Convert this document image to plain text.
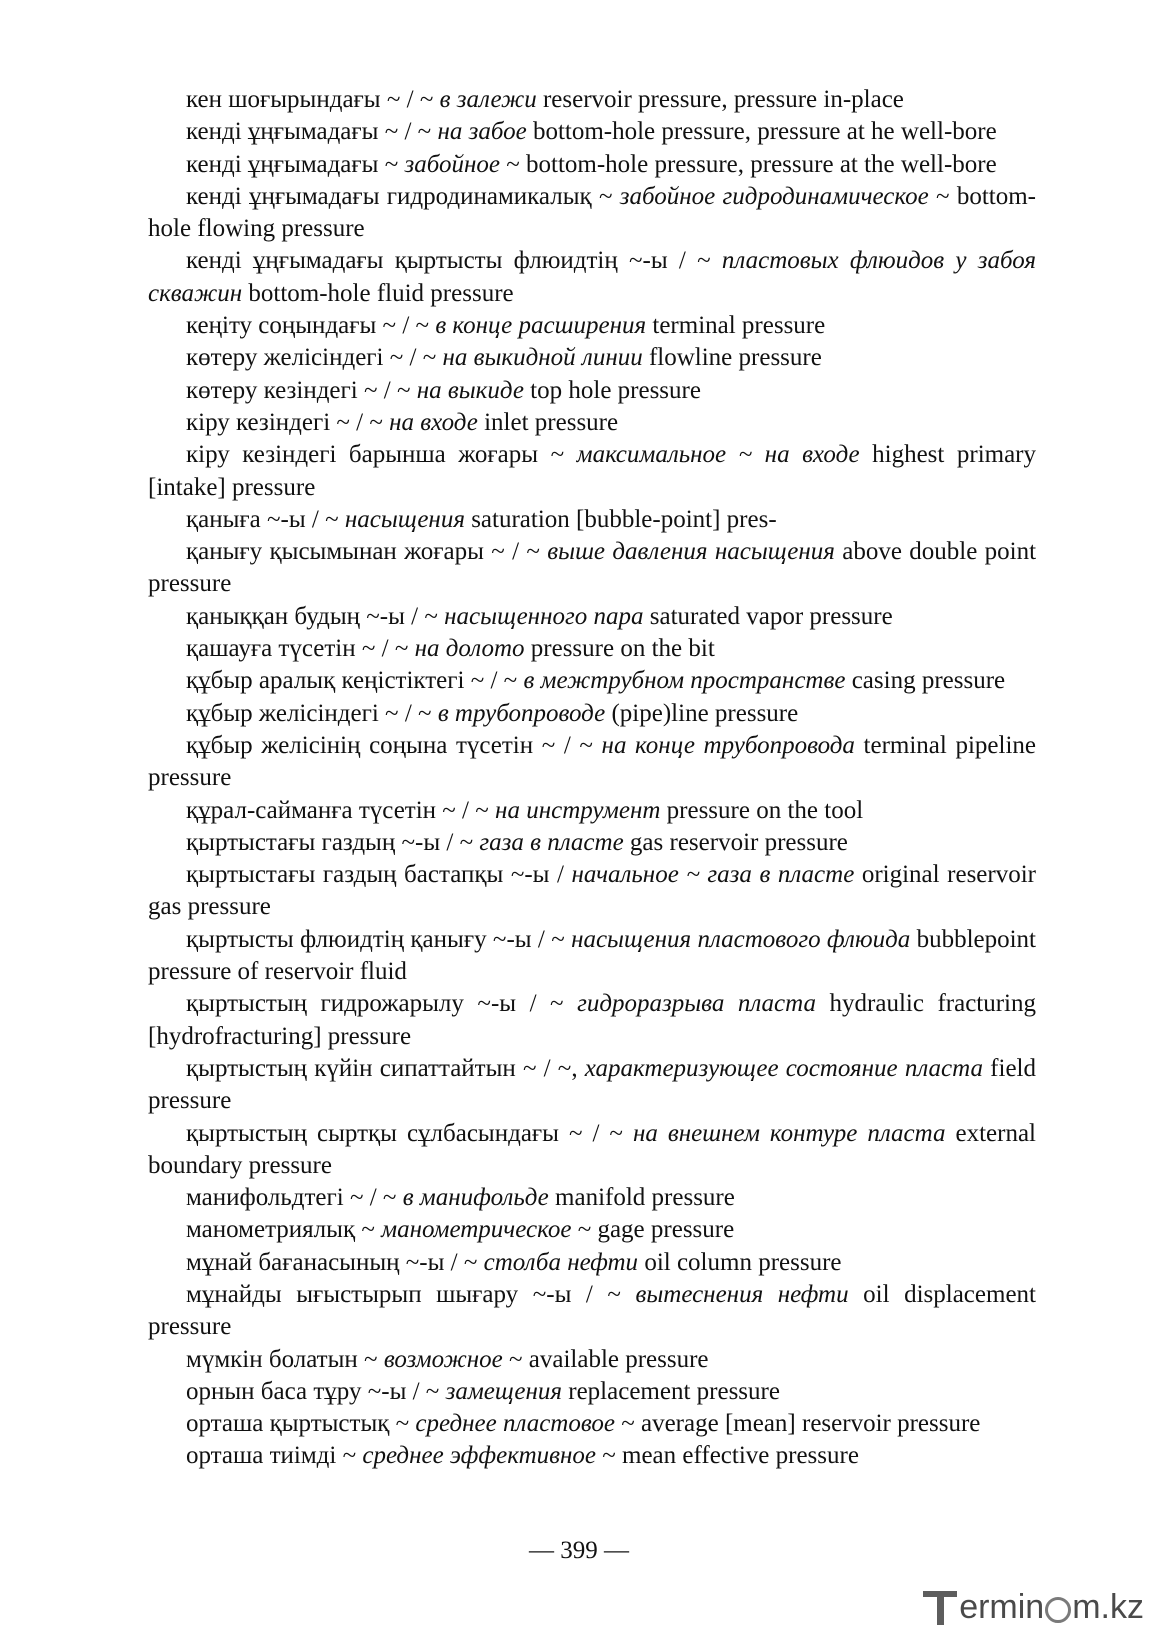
кен шоғырындағы ~ / ~ в залежи reservoir pressure, pressure in-place

кенді ұңғымадағы ~ / ~ на забое bottom-hole pressure, pressure at he well-bore

кенді ұңғымадағы ~ забойное ~ bottom-hole pressure, pressure at the well-bore

кенді ұңғымадағы гидродинамикалық ~ забойное гидродинамическое ~ bottom-hole flowing pressure

кенді ұңғымадағы қыртысты флюидтің ~-ы / ~ пластовых флюидов у забоя скважин bottom-hole fluid pressure

кеңіту соңындағы ~ / ~ в конце расширения terminal pressure

көтеру желісіндегі ~ / ~ на выкидной линии flowline pressure

көтеру кезіндегі ~ / ~ на выкиде top hole pressure

кіру кезіндегі ~ / ~ на входе inlet pressure

кіру кезіндегі барынша жоғары ~ максимальное ~ на входе highest primary [intake] pressure

қаныға ~-ы / ~ насыщения saturation [bubble-point] pres-

қанығу қысымынан жоғары ~ / ~ выше давления насыщения above double point pressure

қаныққан будың ~-ы / ~ насыщенного пара saturated vapor pressure

қашауға түсетін ~ / ~ на долото pressure on the bit

құбыр аралық кеңістіктегі ~ / ~ в межтрубном пространстве casing pressure

құбыр желісіндегі ~ / ~ в трубопроводе (pipe)line pressure

құбыр желісінің соңына түсетін ~ / ~ на конце трубопровода terminal pipeline pressure

құрал-сайманға түсетін ~ / ~ на инструмент pressure on the tool

қыртыстағы газдың ~-ы / ~ газа в пласте gas reservoir pressure

қыртыстағы газдың бастапқы ~-ы / начальное ~ газа в пласте original reservoir gas pressure

қыртысты флюидтің қанығу ~-ы / ~ насыщения пластового флюида bubblepoint pressure of reservoir fluid

қыртыстың гидрожарылу ~-ы / ~ гидроразрыва пласта hydraulic fracturing [hydrofracturing] pressure

қыртыстың күйін сипаттайтын ~ / ~, характеризующее состояние пласта field pressure

қыртыстың сыртқы сұлбасындағы ~ / ~ на внешнем контуре пласта external boundary pressure

манифольдтегі ~ / ~ в манифольде manifold pressure

манометриялық ~ манометрическое ~ gage pressure

мұнай бағанасының ~-ы / ~ столба нефти oil column pressure

мұнайды ығыстырып шығару ~-ы / ~ вытеснения нефти oil displacement pressure

мүмкін болатын ~ возможное ~ available pressure

орнын баса тұру ~-ы / ~ замещения replacement pressure

орташа қыртыстық ~ среднее пластовое ~ average [mean] reservoir pressure

орташа тиімді ~ среднее эффективное ~ mean effective pressure

— 399 —
ermin m.kz
